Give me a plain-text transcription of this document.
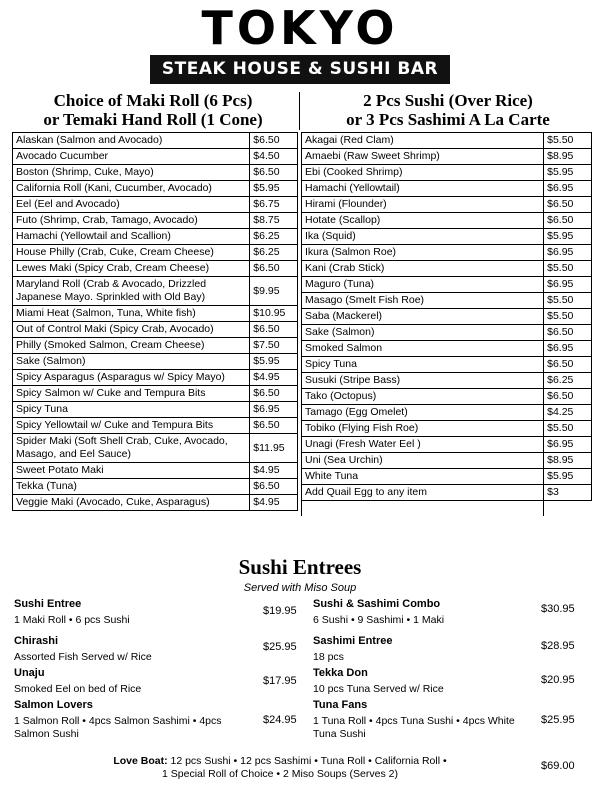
TOKYO
STEAK HOUSE & SUSHI BAR
Choice of Maki Roll (6 Pcs)
or Temaki Hand Roll (1 Cone)
2 Pcs Sushi (Over Rice)
or 3 Pcs Sashimi A La Carte
Alaskan (Salmon and Avocado)	$6.50
Avocado Cucumber	$4.50
Boston (Shrimp, Cuke, Mayo)	$6.50
California Roll (Kani, Cucumber, Avocado)	$5.95
Eel (Eel and Avocado)	$6.75
Futo (Shrimp, Crab, Tamago, Avocado)	$8.75
Hamachi (Yellowtail and Scallion)	$6.25
House Philly (Crab, Cuke, Cream Cheese)	$6.25
Lewes Maki (Spicy Crab, Cream Cheese)	$6.50
Maryland Roll (Crab & Avocado, Drizzled Japanese Mayo. Sprinkled with Old Bay)	$9.95
Miami Heat (Salmon, Tuna, White fish)	$10.95
Out of Control Maki (Spicy Crab, Avocado)	$6.50
Philly (Smoked Salmon, Cream Cheese)	$7.50
Sake (Salmon)	$5.95
Spicy Asparagus (Asparagus w/ Spicy Mayo)	$4.95
Spicy Salmon w/ Cuke and Tempura Bits	$6.50
Spicy Tuna	$6.95
Spicy Yellowtail w/ Cuke and Tempura Bits	$6.50
Spider Maki (Soft Shell Crab, Cuke, Avocado, Masago, and Eel Sauce)	$11.95
Sweet Potato Maki	$4.95
Tekka (Tuna)	$6.50
Veggie Maki (Avocado, Cuke, Asparagus)	$4.95
Akagai (Red Clam)	$5.50
Amaebi (Raw Sweet Shrimp)	$8.95
Ebi (Cooked Shrimp)	$5.95
Hamachi (Yellowtail)	$6.95
Hirami (Flounder)	$6.50
Hotate (Scallop)	$6.50
Ika (Squid)	$5.95
Ikura (Salmon Roe)	$6.95
Kani (Crab Stick)	$5.50
Maguro (Tuna)	$6.95
Masago (Smelt Fish Roe)	$5.50
Saba (Mackerel)	$5.50
Sake (Salmon)	$6.50
Smoked Salmon	$6.95
Spicy Tuna	$6.50
Susuki (Stripe Bass)	$6.25
Tako (Octopus)	$6.50
Tamago (Egg Omelet)	$4.25
Tobiko (Flying Fish Roe)	$5.50
Unagi (Fresh Water Eel )	$6.95
Uni (Sea Urchin)	$8.95
White Tuna	$5.95
Add Quail Egg to any item	$3

Sushi Entrees
Served with Miso Soup
Sushi Entree
1 Maki Roll • 6 pcs Sushi
$19.95
Chirashi
Assorted Fish Served w/ Rice
$25.95
Unaju
Smoked Eel on bed of Rice
$17.95
Salmon Lovers
1 Salmon Roll • 4pcs Salmon Sashimi • 4pcs Salmon Sushi
$24.95
Sushi & Sashimi Combo
6 Sushi • 9 Sashimi • 1 Maki
$30.95
Sashimi Entree
18 pcs
$28.95
Tekka Don
10 pcs Tuna Served w/ Rice
$20.95
Tuna Fans
1 Tuna Roll • 4pcs Tuna Sushi • 4pcs White Tuna Sushi
$25.95
Love Boat: 12 pcs Sushi • 12 pcs Sashimi • Tuna Roll • California Roll •
1 Special Roll of Choice • 2 Miso Soups (Serves 2)
$69.00
